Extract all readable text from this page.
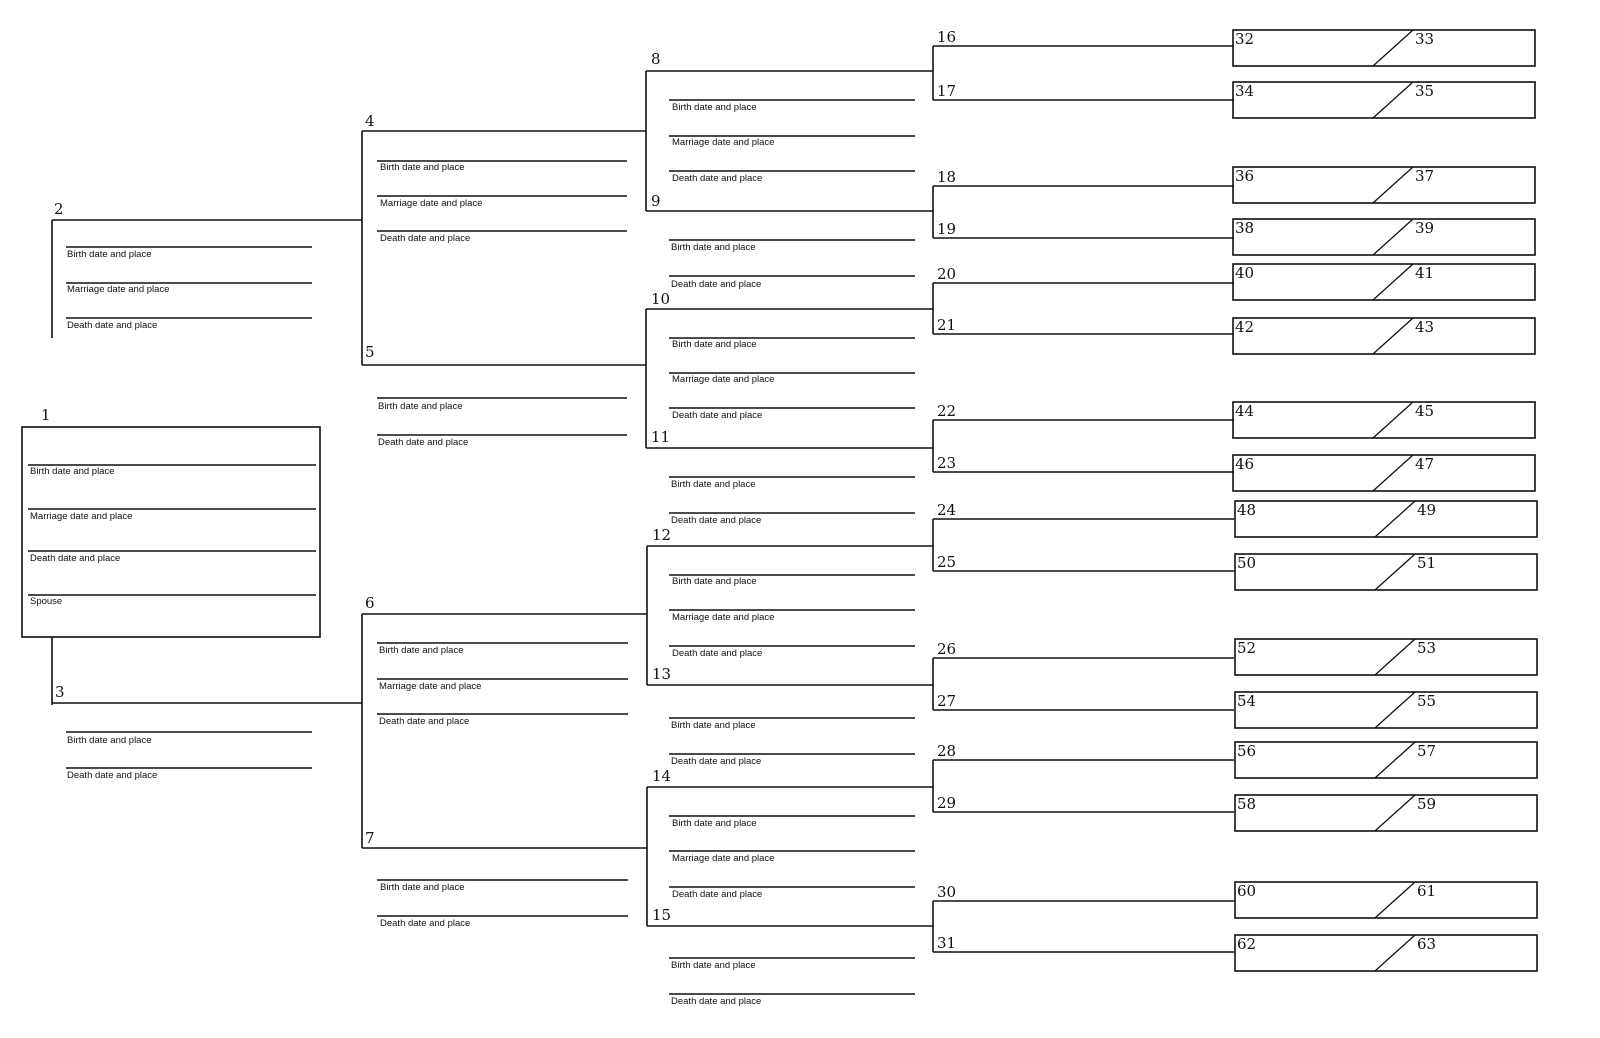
1
Birth date and place
Marriage date and place
Death date and place
Spouse
2
Birth date and place
Marriage date and place
Death date and place
3
Birth date and place
Death date and place
4
Birth date and place
Marriage date and place
Death date and place
5
Birth date and place
Death date and place
6
Birth date and place
Marriage date and place
Death date and place
7
Birth date and place
Death date and place
8
Birth date and place
Marriage date and place
Death date and place
9
Birth date and place
Death date and place
10
Birth date and place
Marriage date and place
Death date and place
11
Birth date and place
Death date and place
12
Birth date and place
Marriage date and place
Death date and place
13
Birth date and place
Death date and place
14
Birth date and place
Marriage date and place
Death date and place
15
Birth date and place
Death date and place
16
17
18
19
20
21
22
23
24
25
26
27
28
29
30
31
32	33
34	35
36	37
38	39
40	41
42	43
44	45
46	47
48	49
50	51
52	53
54	55
56	57
58	59
60	61
62	63
